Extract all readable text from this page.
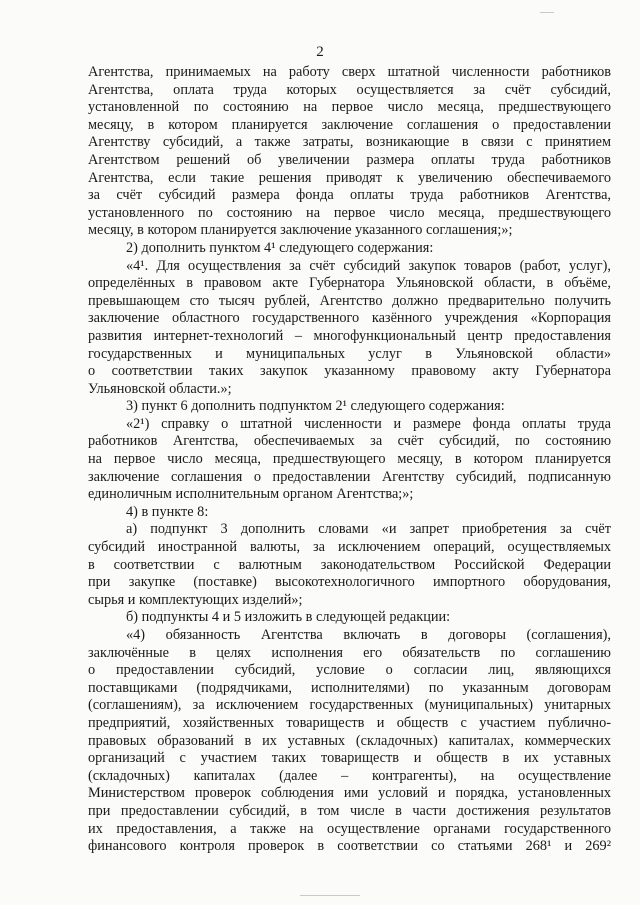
2
Агентства, принимаемых на работу сверх штатной численности работников
Агентства, оплата труда которых осуществляется за счёт субсидий,
установленной по состоянию на первое число месяца, предшествующего
месяцу, в котором планируется заключение соглашения о предоставлении
Агентству субсидий, а также затраты, возникающие в связи с принятием
Агентством решений об увеличении размера оплаты труда работников
Агентства, если такие решения приводят к увеличению обеспечиваемого
за счёт субсидий размера фонда оплаты труда работников Агентства,
установленного по состоянию на первое число месяца, предшествующего
месяцу, в котором планируется заключение указанного соглашения;»;
2) дополнить пунктом 4¹ следующего содержания:
«4¹. Для осуществления за счёт субсидий закупок товаров (работ, услуг),
определённых в правовом акте Губернатора Ульяновской области, в объёме,
превышающем сто тысяч рублей, Агентство должно предварительно получить
заключение областного государственного казённого учреждения «Корпорация
развития интернет-технологий – многофункциональный центр предоставления
государственных и муниципальных услуг в Ульяновской области»
о соответствии таких закупок указанному правовому акту Губернатора
Ульяновской области.»;
3) пункт 6 дополнить подпунктом 2¹ следующего содержания:
«2¹) справку о штатной численности и размере фонда оплаты труда
работников Агентства, обеспечиваемых за счёт субсидий, по состоянию
на первое число месяца, предшествующего месяцу, в котором планируется
заключение соглашения о предоставлении Агентству субсидий, подписанную
единоличным исполнительным органом Агентства;»;
4) в пункте 8:
а) подпункт 3 дополнить словами «и запрет приобретения за счёт
субсидий иностранной валюты, за исключением операций, осуществляемых
в соответствии с валютным законодательством Российской Федерации
при закупке (поставке) высокотехнологичного импортного оборудования,
сырья и комплектующих изделий»;
б) подпункты 4 и 5 изложить в следующей редакции:
«4) обязанность Агентства включать в договоры (соглашения),
заключённые в целях исполнения его обязательств по соглашению
о предоставлении субсидий, условие о согласии лиц, являющихся
поставщиками (подрядчиками, исполнителями) по указанным договорам
(соглашениям), за исключением государственных (муниципальных) унитарных
предприятий, хозяйственных товариществ и обществ с участием публично-
правовых образований в их уставных (складочных) капиталах, коммерческих
организаций с участием таких товариществ и обществ в их уставных
(складочных) капиталах (далее – контрагенты), на осуществление
Министерством проверок соблюдения ими условий и порядка, установленных
при предоставлении субсидий, в том числе в части достижения результатов
их предоставления, а также на осуществление органами государственного
финансового контроля проверок в соответствии со статьями 268¹ и 269²
